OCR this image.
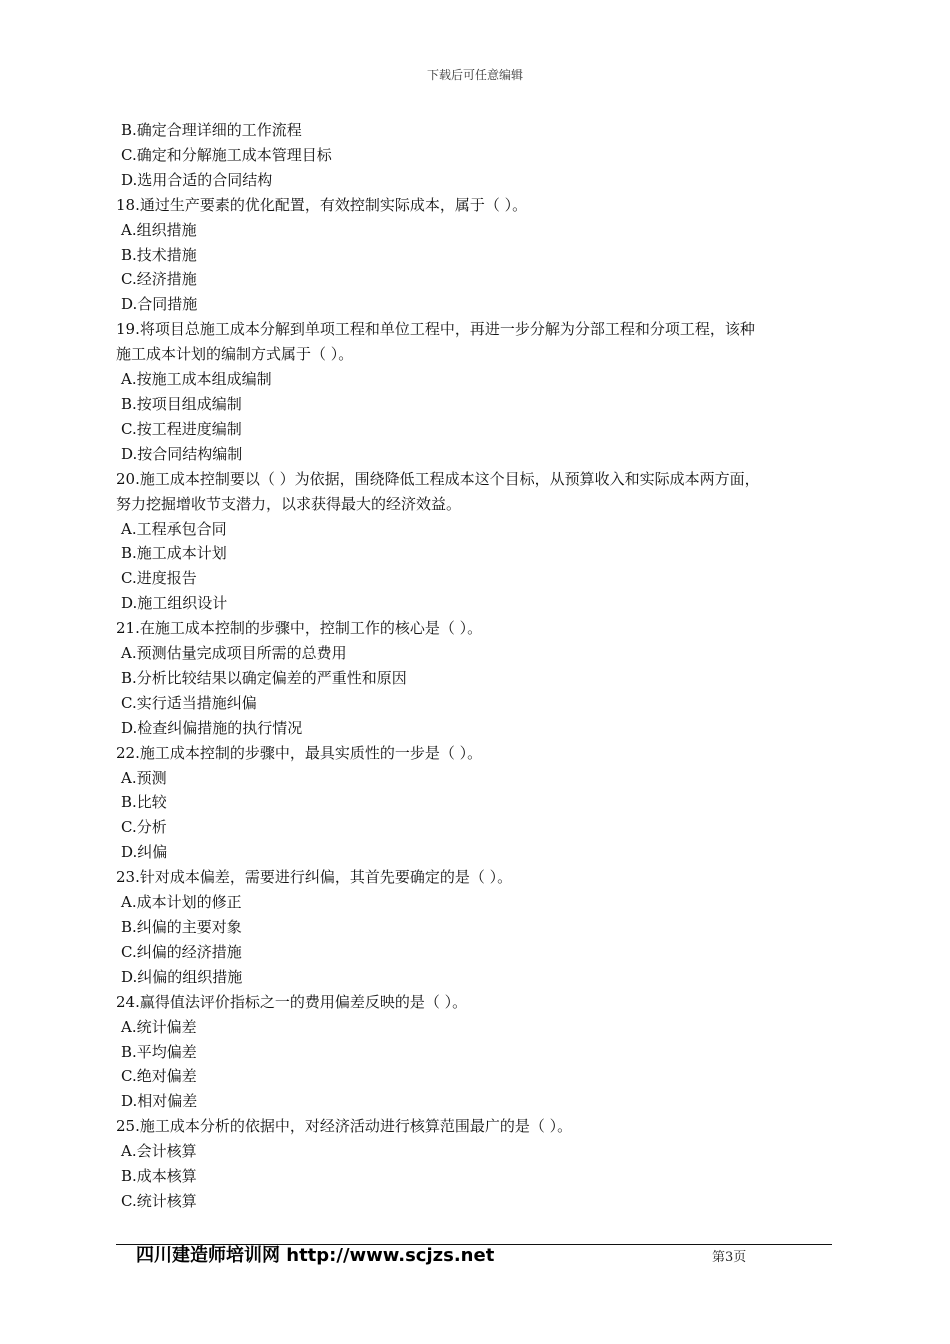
下载后可任意编辑
B.确定合理详细的工作流程
C.确定和分解施工成本管理目标
D.选用合适的合同结构
18.通过生产要素的优化配置，有效控制实际成本，属于（ ）。
A.组织措施
B.技术措施
C.经济措施
D.合同措施
19.将项目总施工成本分解到单项工程和单位工程中，再进一步分解为分部工程和分项工程，该种
施工成本计划的编制方式属于（ ）。
A.按施工成本组成编制
B.按项目组成编制
C.按工程进度编制
D.按合同结构编制
20.施工成本控制要以（ ）为依据，围绕降低工程成本这个目标，从预算收入和实际成本两方面，
努力挖掘增收节支潜力，以求获得最大的经济效益。
A.工程承包合同
B.施工成本计划
C.进度报告
D.施工组织设计
21.在施工成本控制的步骤中，控制工作的核心是（ ）。
A.预测估量完成项目所需的总费用
B.分析比较结果以确定偏差的严重性和原因
C.实行适当措施纠偏
D.检查纠偏措施的执行情况
22.施工成本控制的步骤中，最具实质性的一步是（ ）。
A.预测
B.比较
C.分析
D.纠偏
23.针对成本偏差，需要进行纠偏，其首先要确定的是（ ）。
A.成本计划的修正
B.纠偏的主要对象
C.纠偏的经济措施
D.纠偏的组织措施
24.赢得值法评价指标之一的费用偏差反映的是（ ）。
A.统计偏差
B.平均偏差
C.绝对偏差
D.相对偏差
25.施工成本分析的依据中，对经济活动进行核算范围最广的是（ ）。
A.会计核算
B.成本核算
C.统计核算
四川建造师培训网 http://www.scjzs.net	第3页
